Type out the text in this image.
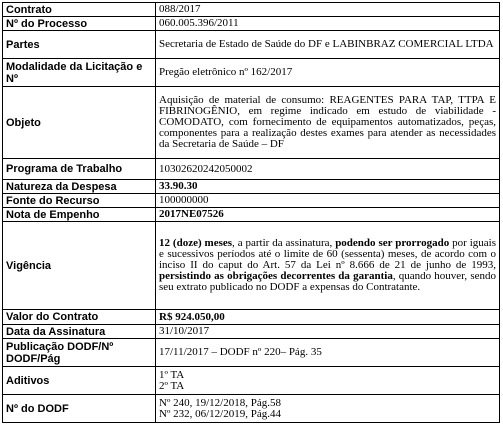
Contrato	088/2017
Nº do Processo	060.005.396/2011
Partes	Secretaria de Estado de Saúde do DF e LABINBRAZ COMERCIAL LTDA
Modalidade da Licitação e Nº	Pregão eletrônico nº 162/2017
Objeto	Aquisição de material de consumo: REAGENTES PARA TAP, TTPA E FIBRINOGÊNIO, em regime indicado em estudo de viabilidade - COMODATO, com fornecimento de equipamentos automatizados, peças, componentes para a realização destes exames para atender as necessidades da Secretaria de Saúde – DF
Programa de Trabalho	10302620242050002
Natureza da Despesa	33.90.30
Fonte do Recurso	100000000
Nota de Empenho	2017NE07526
Vigência	12 (doze) meses, a partir da assinatura, podendo ser prorrogado por iguais e sucessivos períodos até o limite de 60 (sessenta) meses, de acordo com o inciso II do caput do Art. 57 da Lei nº 8.666 de 21 de junho de 1993, persistindo as obrigações decorrentes da garantia, quando houver, sendo seu extrato publicado no DODF a expensas do Contratante.
Valor do Contrato	R$ 924.050,00
Data da Assinatura	31/10/2017
Publicação DODF/Nº DODF/Pág	17/11/2017 – DODF nº 220– Pág. 35
Aditivos	1º TA
2º TA

Nº do DODF	Nº 240, 19/12/2018, Pág.58
Nº 232, 06/12/2019, Pág.44
